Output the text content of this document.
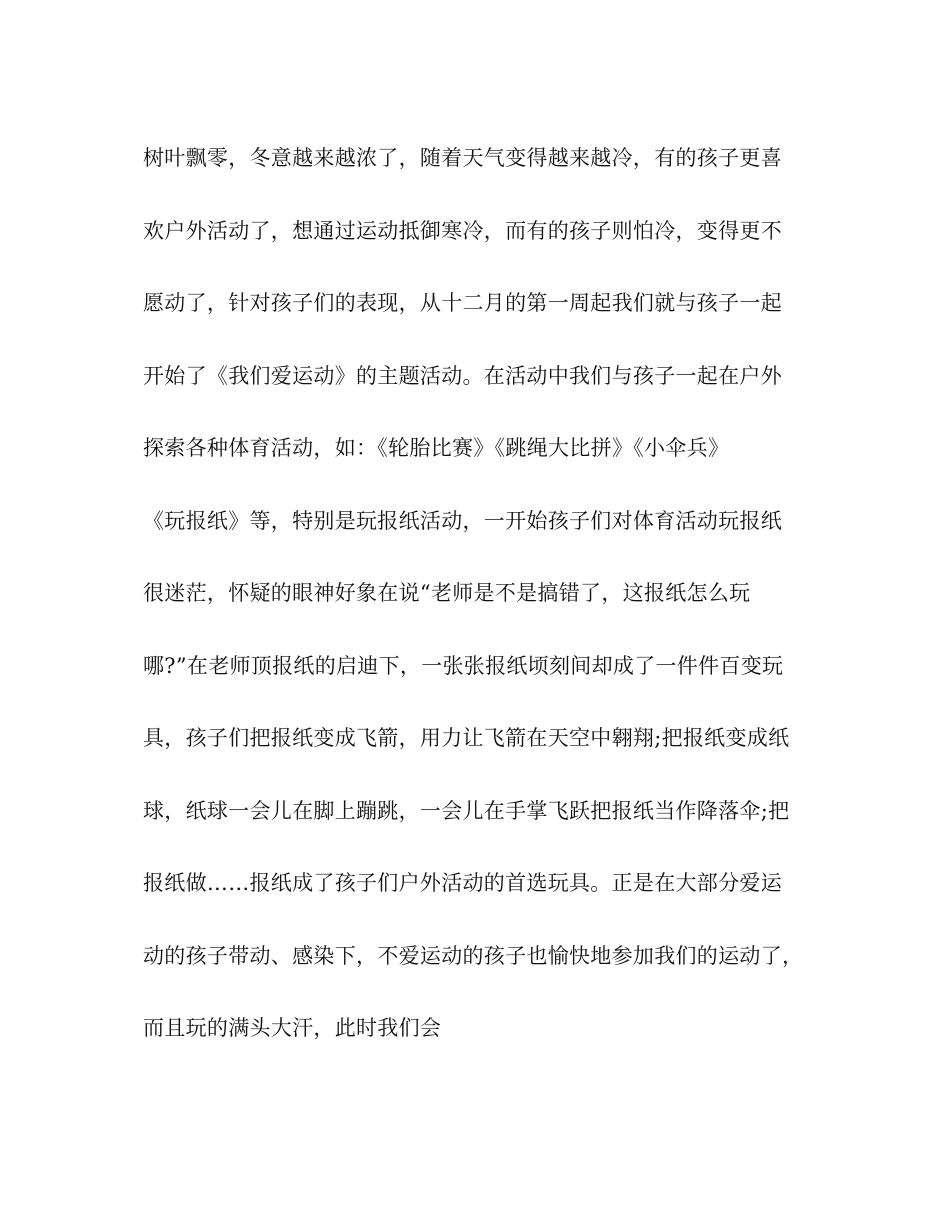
树叶飘零，冬意越来越浓了，随着天气变得越来越冷，有的孩子更喜
欢户外活动了，想通过运动抵御寒冷，而有的孩子则怕冷，变得更不
愿动了，针对孩子们的表现，从十二月的第一周起我们就与孩子一起
开始了《我们爱运动》的主题活动。在活动中我们与孩子一起在户外
探索各种体育活动，如：《轮胎比赛》《跳绳大比拼》《小伞兵》
《玩报纸》等，特别是玩报纸活动，一开始孩子们对体育活动玩报纸
很迷茫，怀疑的眼神好象在说“老师是不是搞错了，这报纸怎么玩
哪?”在老师顶报纸的启迪下，一张张报纸顷刻间却成了一件件百变玩
具，孩子们把报纸变成飞箭，用力让飞箭在天空中翱翔;把报纸变成纸
球，纸球一会儿在脚上蹦跳，一会儿在手掌飞跃把报纸当作降落伞;把
报纸做……报纸成了孩子们户外活动的首选玩具。正是在大部分爱运
动的孩子带动、感染下，不爱运动的孩子也愉快地参加我们的运动了，
而且玩的满头大汗，此时我们会
